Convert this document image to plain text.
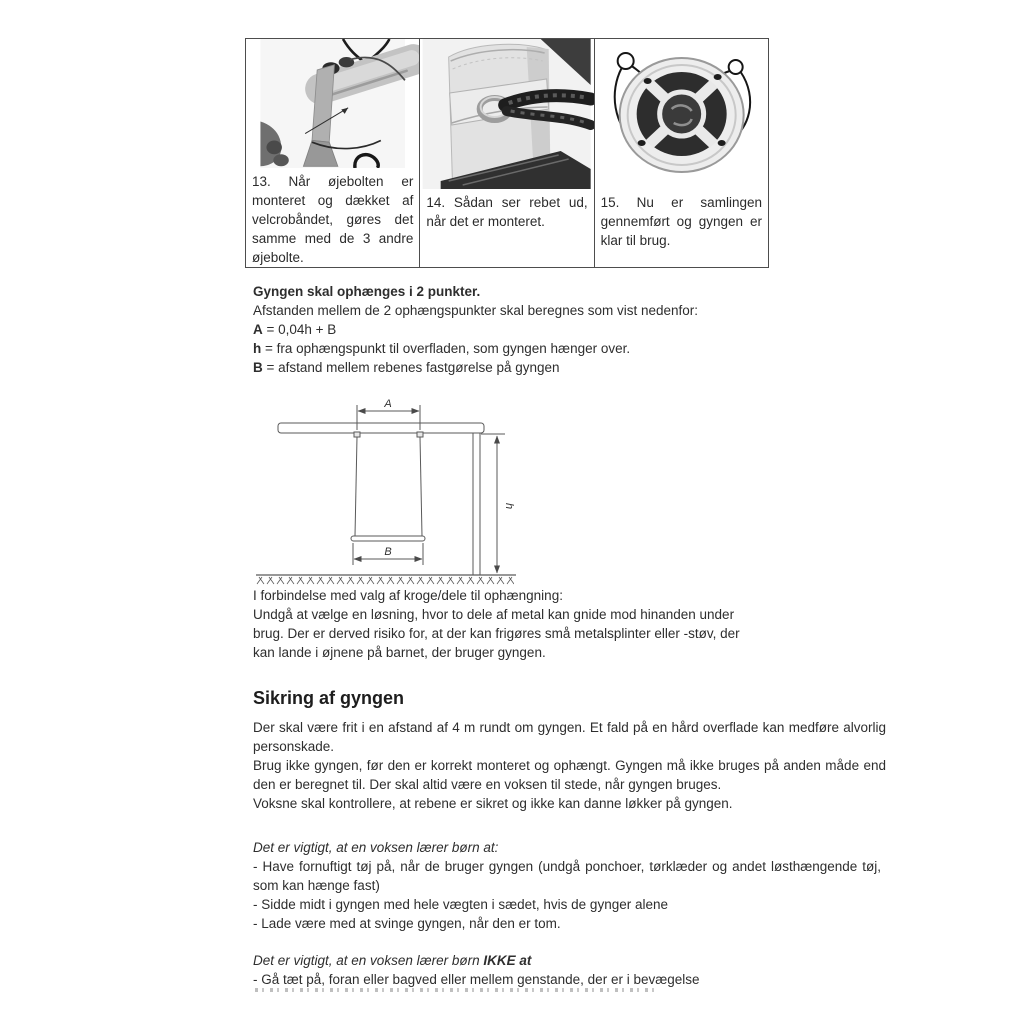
13. Når øjebolten er monteret og dækket af velcrobåndet, gøres det samme med de 3 andre øjebolte.
14. Sådan ser rebet ud, når det er monteret.
15. Nu er samlingen gennemført og gyngen er klar til brug.

Gyngen skal ophænges i 2 punkter.

Afstanden mellem de 2 ophængspunkter skal beregnes som vist nedenfor:

A = 0,04h + B

h = fra ophængspunkt til overfladen, som gyngen hænger over.

B = afstand mellem rebenes fastgørelse på gyngen

A
B
h

I forbindelse med valg af kroge/dele til ophængning:

Undgå at vælge en løsning, hvor to dele af metal kan gnide mod hinanden under brug. Der er derved risiko for, at der kan frigøres små metalsplinter eller -støv, der kan lande i øjnene på barnet, der bruger gyngen.

Sikring af gyngen

Der skal være frit i en afstand af 4 m rundt om gyngen. Et fald på en hård overflade kan medføre alvorlig personskade.

Brug ikke gyngen, før den er korrekt monteret og ophængt. Gyngen må ikke bruges på anden måde end den er beregnet til. Der skal altid være en voksen til stede, når gyngen bruges.

Voksne skal kontrollere, at rebene er sikret og ikke kan danne løkker på gyngen.

Det er vigtigt, at en voksen lærer børn at:

- Have fornuftigt tøj på, når de bruger gyngen (undgå ponchoer, tørklæder og andet løsthængende tøj, som kan hænge fast)

- Sidde midt i gyngen med hele vægten i sædet, hvis de gynger alene

- Lade være med at svinge gyngen, når den er tom.

Det er vigtigt, at en voksen lærer børn IKKE at

- Gå tæt på, foran eller bagved eller mellem genstande, der er i bevægelse
